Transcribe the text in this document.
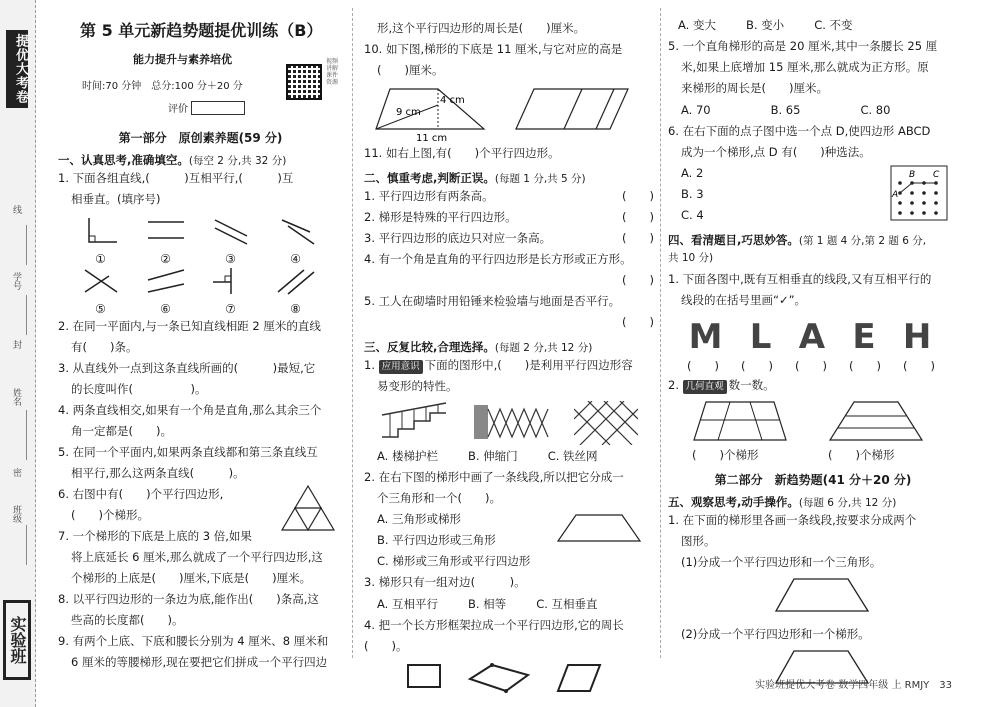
提优大考卷
线
学号
封
姓名
密
班级
实验班
第 5 单元新趋势题提优训练（B）
能力提升与素养培优
时间:70 分钟　总分:100 分＋20 分
评价
视频讲解课件资源
第一部分　原创素养题(59 分)
一、认真思考,准确填空。(每空 2 分,共 32 分)

1. 下面各组直线,(　　　)互相平行,(　　　)互

相垂直。(填序号)

①	②	③	④
⑤	⑥	⑦	⑧

2. 在同一平面内,与一条已知直线相距 2 厘米的直线

有(　　)条。

3. 从直线外一点到这条直线所画的(　　　)最短,它

的长度叫作(　　　　　)。

4. 两条直线相交,如果有一个角是直角,那么其余三个

角一定都是(　　)。

5. 在同一个平面内,如果两条直线都和第三条直线互

相平行,那么这两条直线(　　　)。

6. 右图中有(　　)个平行四边形,

(　　)个梯形。

7. 一个梯形的下底是上底的 3 倍,如果

将上底延长 6 厘米,那么就成了一个平行四边形,这

个梯形的上底是(　　)厘米,下底是(　　)厘米。

8. 以平行四边形的一条边为底,能作出(　　)条高,这

些高的长度都(　　)。

9. 有两个上底、下底和腰长分别为 4 厘米、8 厘米和

6 厘米的等腰梯形,现在要把它们拼成一个平行四边

形,这个平行四边形的周长是(　　)厘米。

10. 如下图,梯形的下底是 11 厘米,与它对应的高是

(　　)厘米。

4 cm
9 cm
11 cm

11. 如右上图,有(　　)个平行四边形。

二、慎重考虑,判断正误。(每题 1 分,共 5 分)

1. 平行四边形有两条高。	(　　)

2. 梯形是特殊的平行四边形。	(　　)

3. 平行四边形的底边只对应一条高。	(　　)

4. 有一个角是直角的平行四边形是长方形或正方形。

(　　)

5. 工人在砌墙时用铅锤来检验墙与地面是否平行。

(　　)

三、反复比较,合理选择。(每题 2 分,共 12 分)

1. 应用意识 下面的图形中,(　　)是利用平行四边形容

易变形的特性。

A. 楼梯护栏	B. 伸缩门	C. 铁丝网

2. 在右下图的梯形中画了一条线段,所以把它分成一

个三角形和一个(　　)。

A. 三角形或梯形

B. 平行四边形或三角形

C. 梯形或三角形或平行四边形

3. 梯形只有一组对边(　　　)。

A. 互相平行	B. 相等	C. 互相垂直

4. 把一个长方形框架拉成一个平行四边形,它的周长(　　)。

A. 变大	B. 变小	C. 不变

5. 一个直角梯形的高是 20 厘米,其中一条腰长 25 厘

米,如果上底增加 15 厘米,那么就成为正方形。原

来梯形的周长是(　　)厘米。

A. 70	B. 65	C. 80

6. 在右下面的点子图中选一个点 D,使四边形 ABCD

成为一个梯形,点 D 有(　　)种选法。

A. 2

B. 3

C. 4

B C
A
四、看清题目,巧思妙答。(第 1 题 4 分,第 2 题 6 分,

共 10 分)

1. 下面各图中,既有互相垂直的线段,又有互相平行的

线段的在括号里画“✓”。

M L A E H
(　　) (　　) (　　) (　　) (　　)

2. 几何直观 数一数。

(　　)个梯形	(　　)个梯形
第二部分　新趋势题(41 分＋20 分)
五、观察思考,动手操作。(每题 6 分,共 12 分)

1. 在下面的梯形里各画一条线段,按要求分成两个

图形。

(1)分成一个平行四边形和一个三角形。

(2)分成一个平行四边形和一个梯形。

实验班提优大考卷 数学四年级 上 RMJY　33
